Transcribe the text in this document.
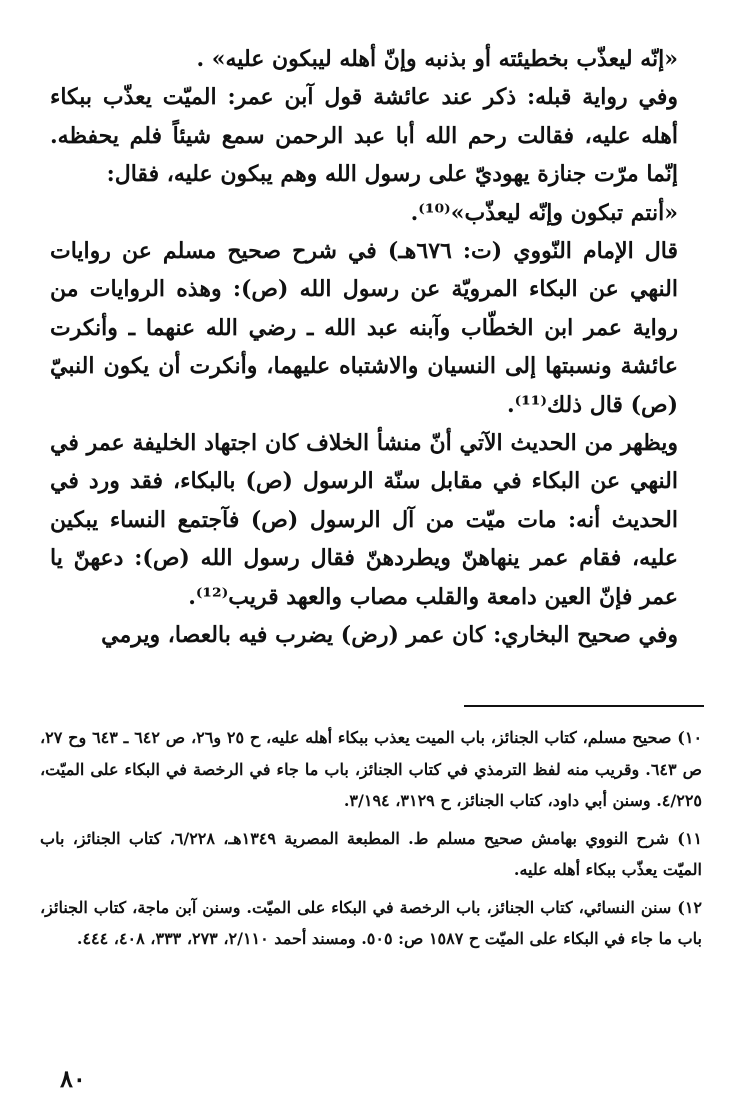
«إنّه ليعذّب بخطيئته أو بذنبه وإنّ أهله ليبكون عليه» .

وفي رواية قبله: ذكر عند عائشة قول آبن عمر: الميّت يعذّب ببكاء أهله عليه، فقالت رحم الله أبا عبد الرحمن سمع شيئاً فلم يحفظه. إنّما مرّت جنازة يهوديّ على رسول الله وهم يبكون عليه، فقال:

«أنتم تبكون وإنّه ليعذّب»⁽¹⁰⁾.

قال الإمام النّووي (ت: ٦٧٦هـ) في شرح صحيح مسلم عن روايات النهي عن البكاء المرويّة عن رسول الله (ص): وهذه الروايات من رواية عمر ابن الخطّاب وآبنه عبد الله ـ رضي الله عنهما ـ وأنكرت عائشة ونسبتها إلى النسيان والاشتباه عليهما، وأنكرت أن يكون النبيّ (ص) قال ذلك⁽¹¹⁾.

ويظهر من الحديث الآتي أنّ منشأ الخلاف كان اجتهاد الخليفة عمر في النهي عن البكاء في مقابل سنّة الرسول (ص) بالبكاء، فقد ورد في الحديث أنه: مات ميّت من آل الرسول (ص) فآجتمع النساء يبكين عليه، فقام عمر ينهاهنّ ويطردهنّ فقال رسول الله (ص): دعهنّ يا عمر فإنّ العين دامعة والقلب مصاب والعهد قريب⁽¹²⁾.

وفي صحيح البخاري: كان عمر (رض) يضرب فيه بالعصا، ويرمي

١٠) صحيح مسلم، كتاب الجنائز، باب الميت يعذب ببكاء أهله عليه، ح ٢٥ و٢٦، ص ٦٤٢ ـ ٦٤٣ وح ٢٧، ص ٦٤٣. وقريب منه لفظ الترمذي في كتاب الجنائز، باب ما جاء في الرخصة في البكاء على الميّت، ٤/٢٢٥. وسنن أبي داود، كتاب الجنائز، ح ٣١٢٩، ٣/١٩٤.

١١) شرح النووي بهامش صحيح مسلم ط. المطبعة المصرية ١٣٤٩هـ، ٦/٢٢٨، كتاب الجنائز، باب الميّت يعذّب ببكاء أهله عليه.

١٢) سنن النسائي، كتاب الجنائز، باب الرخصة في البكاء على الميّت. وسنن آبن ماجة، كتاب الجنائز، باب ما جاء في البكاء على الميّت ح ١٥٨٧ ص: ٥٠٥. ومسند أحمد ٢/١١٠، ٢٧٣، ٣٣٣، ٤٠٨، ٤٤٤.

٨٠
